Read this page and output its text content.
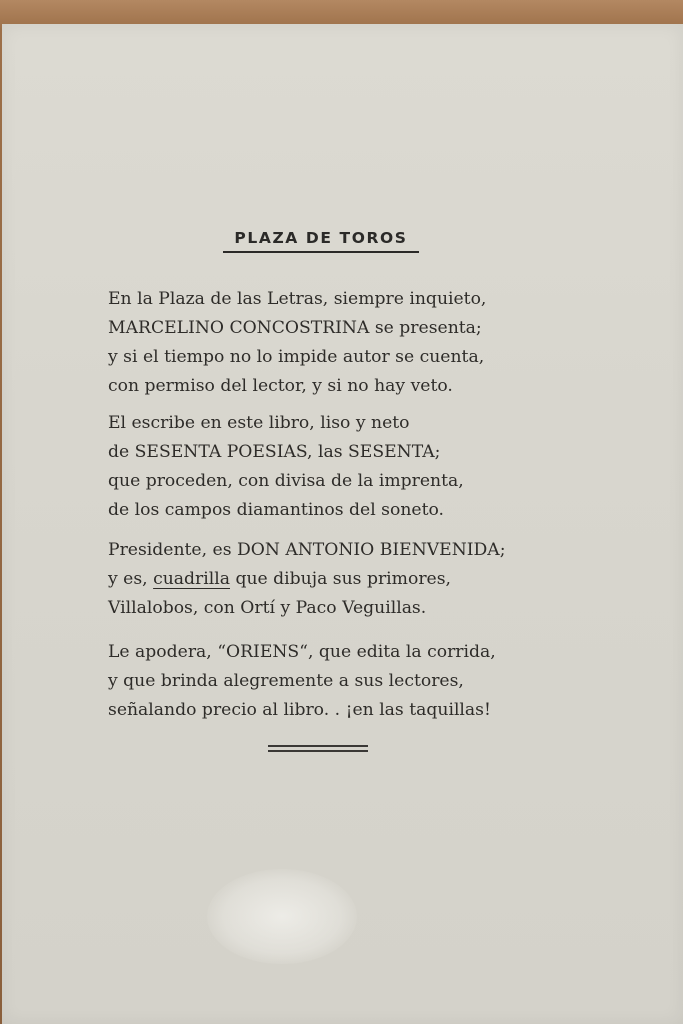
PLAZA DE TOROS
En la Plaza de las Letras, siempre inquieto,
MARCELINO CONCOSTRINA se presenta;
y si el tiempo no lo impide autor se cuenta,
con permiso del lector, y si no hay veto.
El escribe en este libro, liso y neto
de SESENTA POESIAS, las SESENTA;
que proceden, con divisa de la imprenta,
de los campos diamantinos del soneto.
Presidente, es DON ANTONIO BIENVENIDA;
y es, cuadrilla que dibuja sus primores,
Villalobos, con Ortí y Paco Veguillas.
Le apodera, “ORIENS“, que edita la corrida,
y que brinda alegremente a sus lectores,
señalando precio al libro. . ¡en las taquillas!
